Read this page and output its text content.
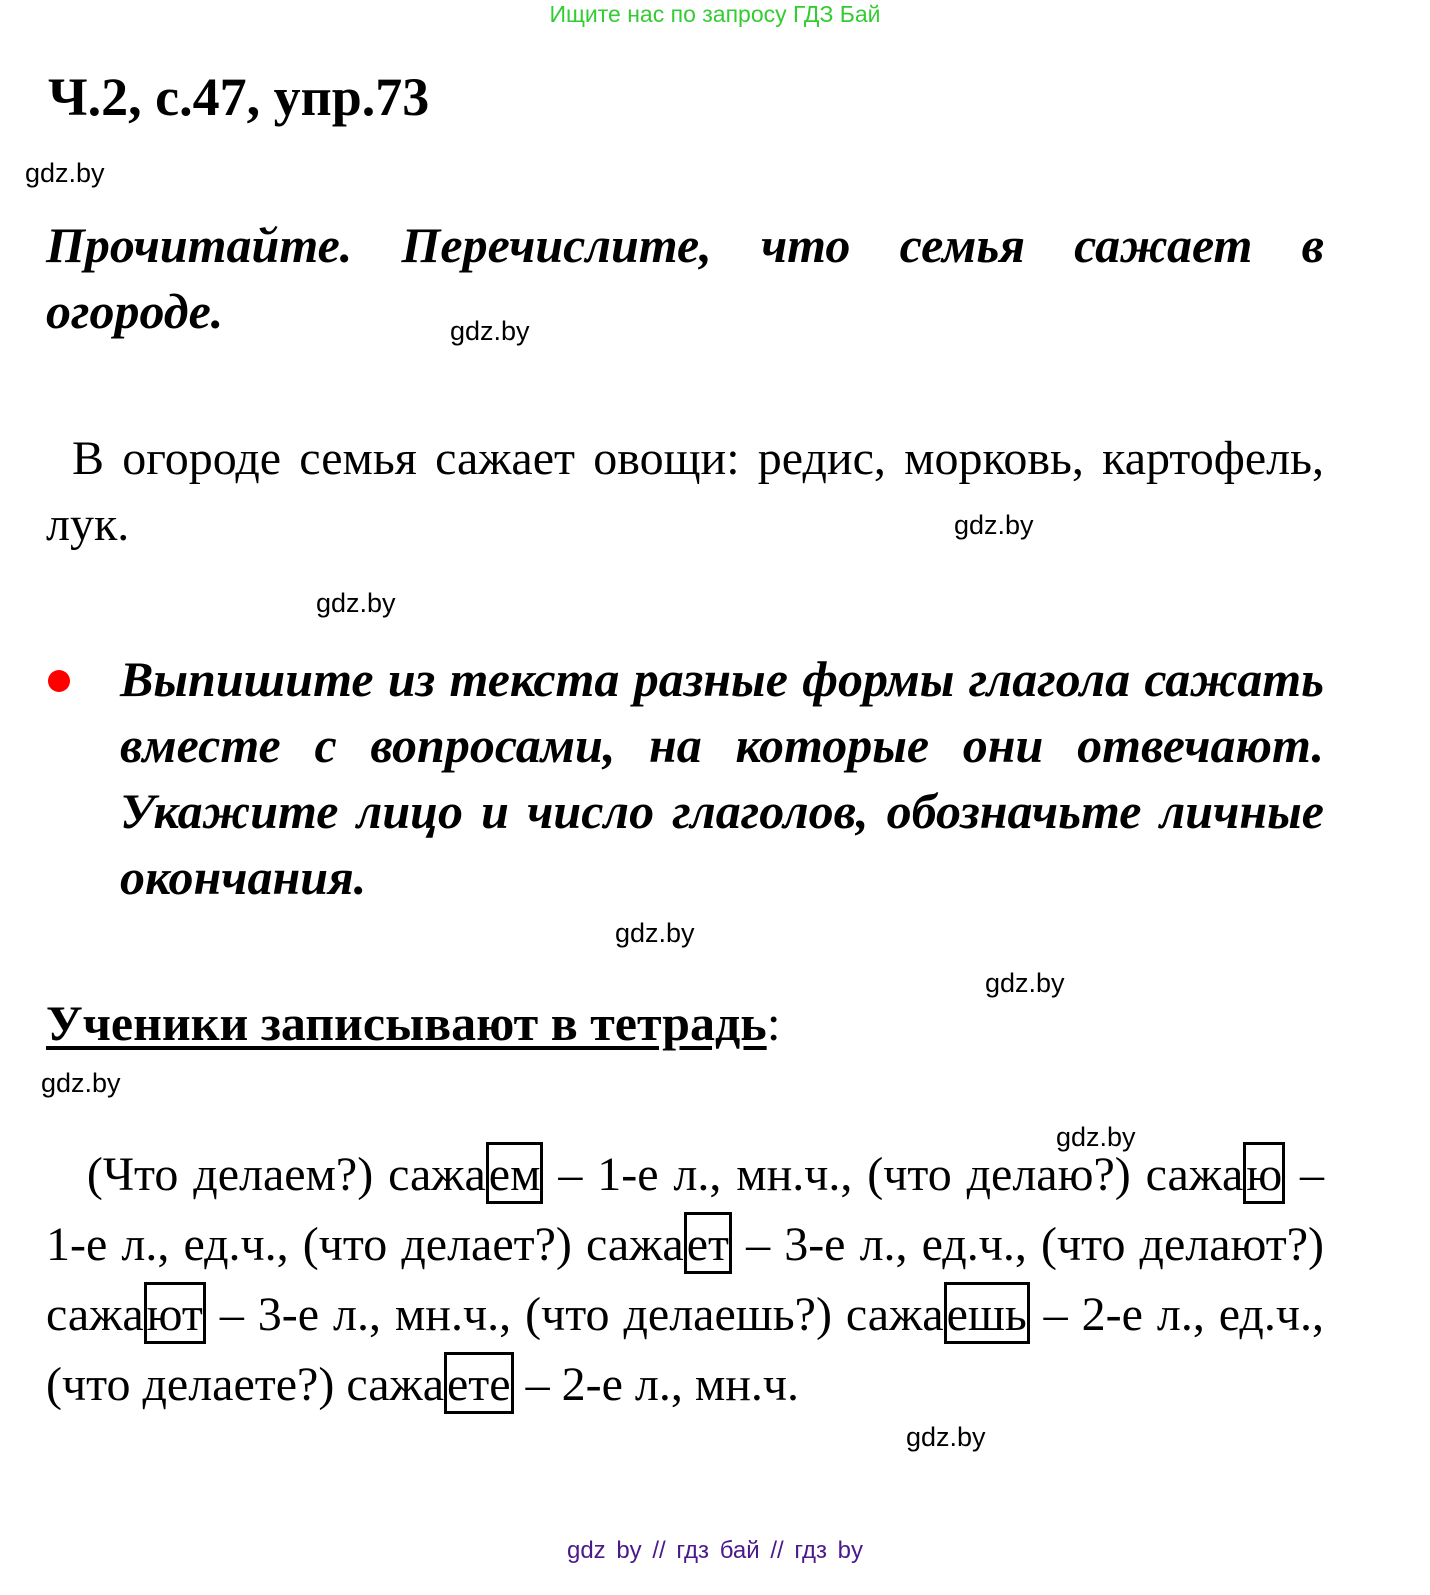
Ищите нас по запросу ГДЗ Бай
Ч.2, с.47, упр.73
gdz.by
Прочитайте. Перечислите, что семья сажает в огороде.	gdz.by
В огороде семья сажает овощи: редис, морковь, картофель, лук.	gdz.by
gdz.by
Выпишите из текста разные формы глагола сажать вместе с вопросами, на которые они отвечают. Укажите лицо и число глаголов, обозначьте личные окончания.
gdz.by
gdz.by
Ученики записывают в тетрадь:
gdz.by
gdz.by
(Что делаем?) сажаем – 1-е л., мн.ч., (что делаю?) сажаю – 1-е л., ед.ч., (что делает?) сажает – 3-е л., ед.ч., (что делают?) сажают – 3-е л., мн.ч., (что делаешь?) сажаешь – 2-е л., ед.ч., (что делаете?) сажаете – 2-е л., мн.ч.
gdz.by
gdz by // гдз бай // гдз by
